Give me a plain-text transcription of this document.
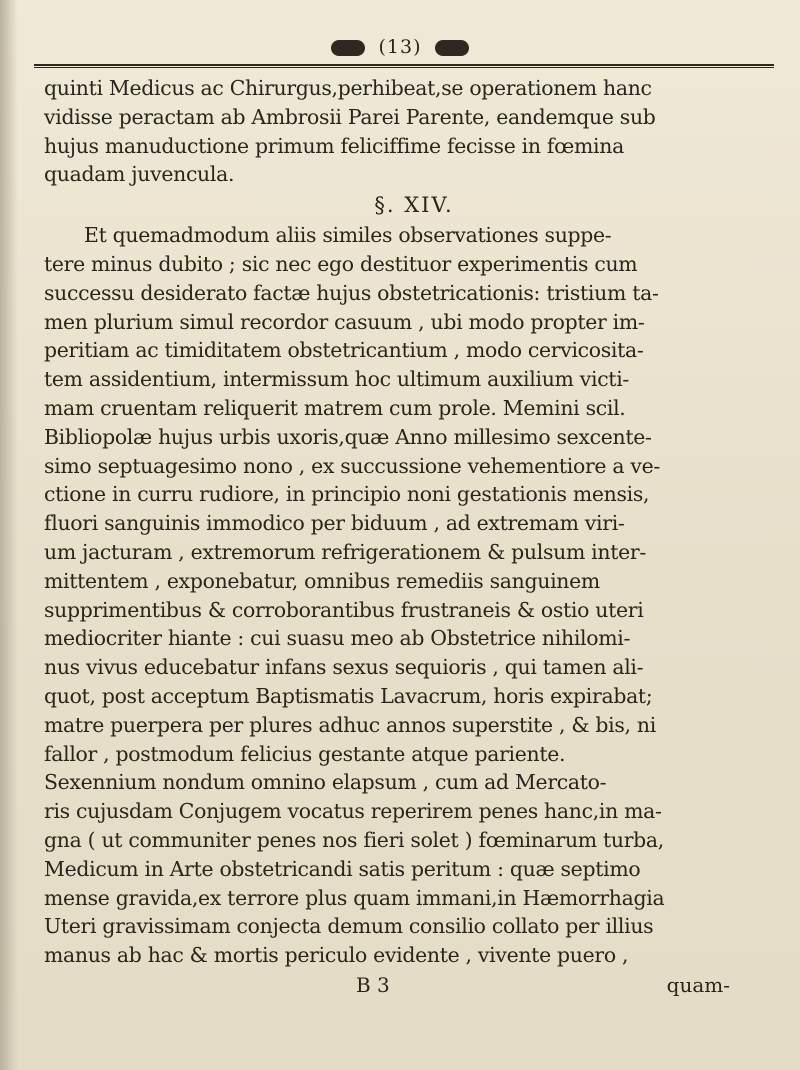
(13)
quinti Medicus ac Chirurgus,perhibeat,se operationem hanc
vidisse peractam ab Ambrosii Parei Parente, eandemque sub
hujus manuductione primum feliciffime fecisse in fœmina
quadam juvencula.
§. XIV.
Et quemadmodum aliis similes observationes suppe-
tere minus dubito ; sic nec ego destituor experimentis cum
successu desiderato factæ hujus obstetricationis: tristium ta-
men plurium simul recordor casuum , ubi modo propter im-
peritiam ac timiditatem obstetricantium , modo cervicosita-
tem assidentium, intermissum hoc ultimum auxilium victi-
mam cruentam reliquerit matrem cum prole. Memini scil.
Bibliopolæ hujus urbis uxoris,quæ Anno millesimo sexcente-
simo septuagesimo nono , ex succussione vehementiore a ve-
ctione in curru rudiore, in principio noni gestationis mensis,
fluori sanguinis immodico per biduum , ad extremam viri-
um jacturam , extremorum refrigerationem & pulsum inter-
mittentem , exponebatur, omnibus remediis sanguinem
supprimentibus & corroborantibus frustraneis & ostio uteri
mediocriter hiante : cui suasu meo ab Obstetrice nihilomi-
nus vivus educebatur infans sexus sequioris , qui tamen ali-
quot, post acceptum Baptismatis Lavacrum, horis expirabat;
matre puerpera per plures adhuc annos superstite , & bis, ni
fallor , postmodum felicius gestante atque pariente.
Sexennium nondum omnino elapsum , cum ad Mercato-
ris cujusdam Conjugem vocatus reperirem penes hanc,in ma-
gna ( ut communiter penes nos fieri solet ) fœminarum turba,
Medicum in Arte obstetricandi satis peritum : quæ septimo
mense gravida,ex terrore plus quam immani,in Hæmorrhagia
Uteri gravissimam conjecta demum consilio collato per illius
manus ab hac & mortis periculo evidente , vivente puero ,
B 3	quam-
